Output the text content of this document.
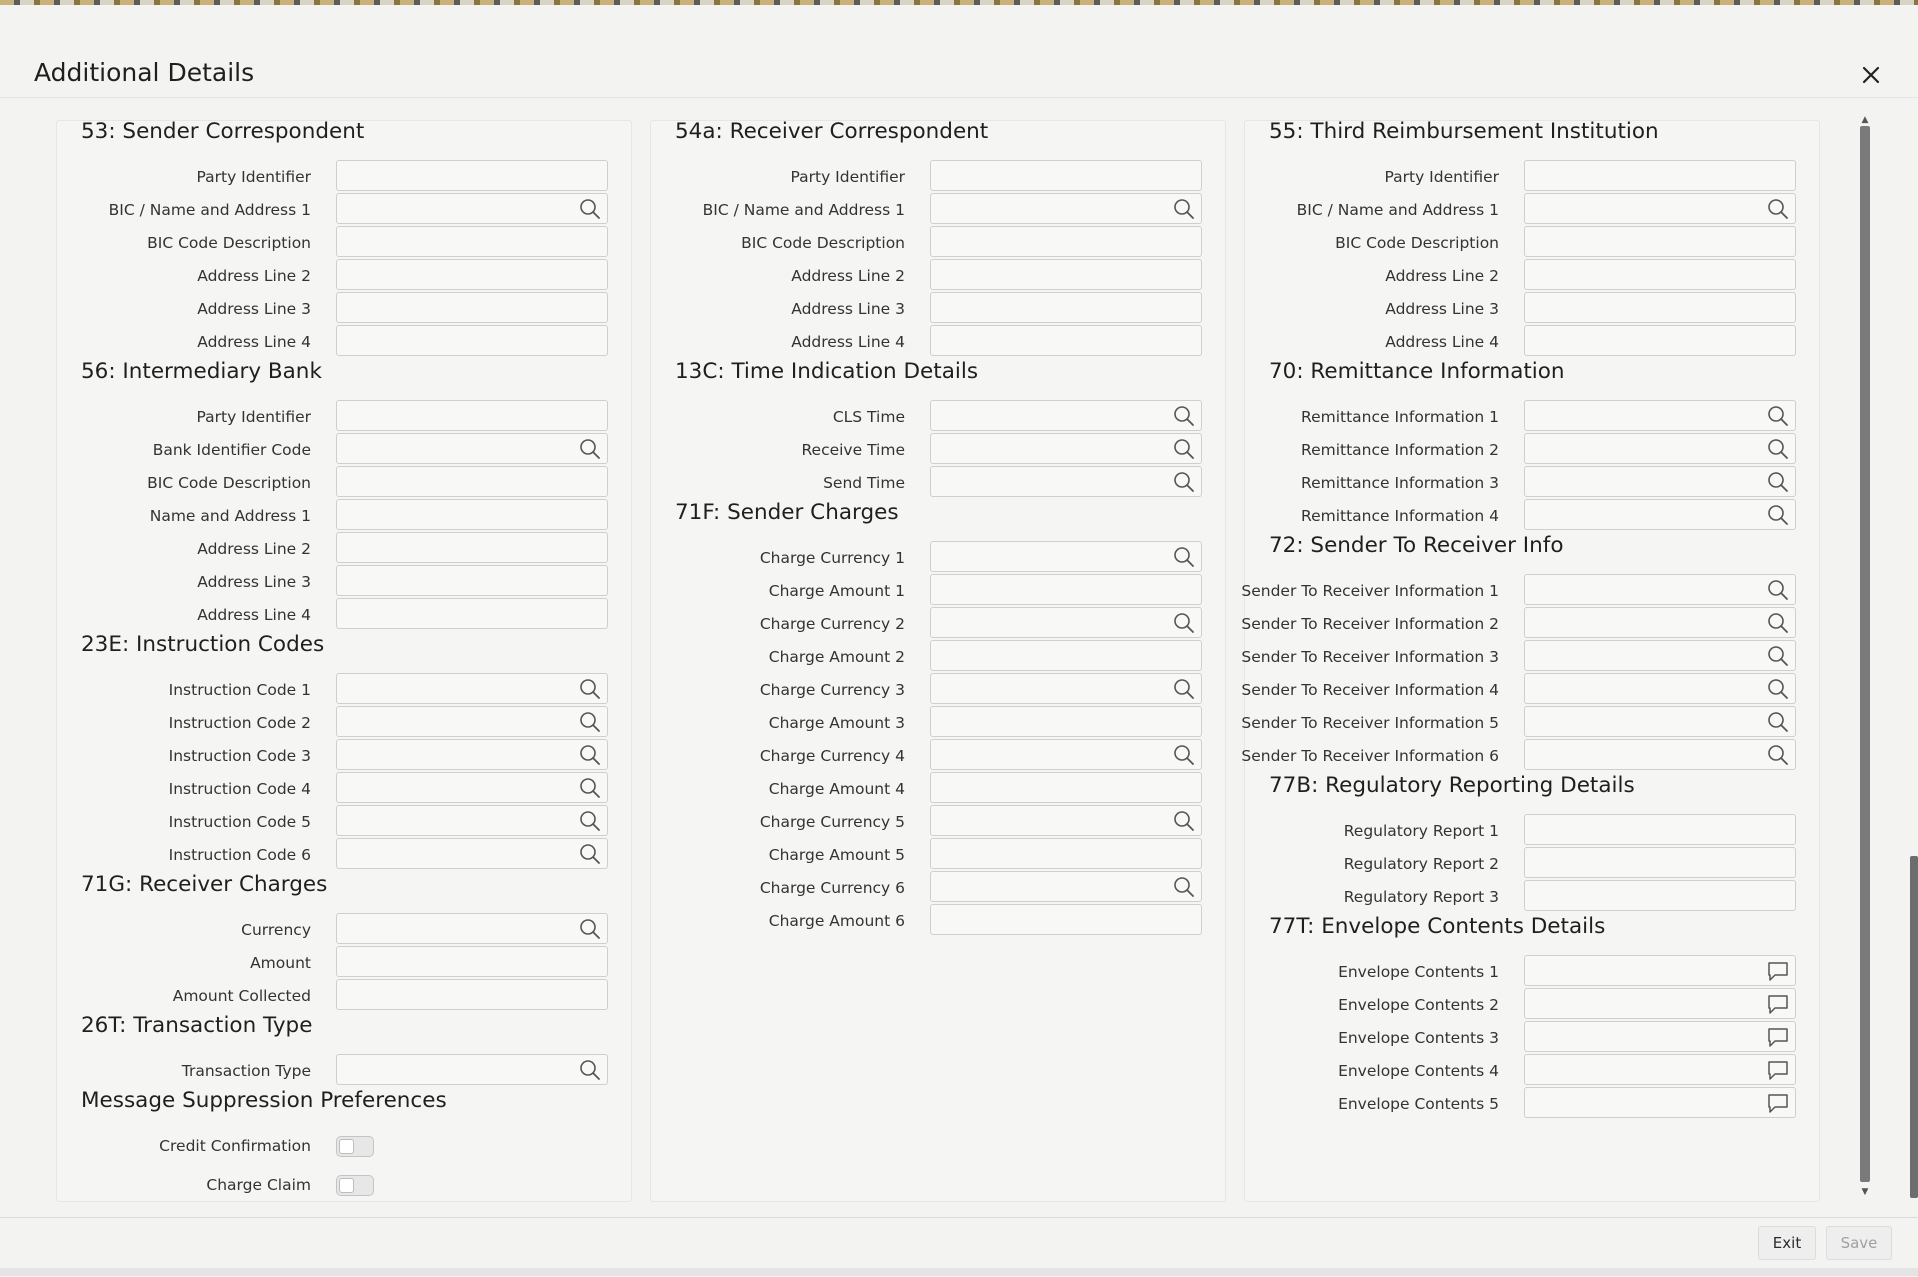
Additional Details
53: Sender Correspondent
Party Identifier
BIC / Name and Address 1
BIC Code Description
Address Line 2
Address Line 3
Address Line 4
56: Intermediary Bank
Party Identifier
Bank Identifier Code
BIC Code Description
Name and Address 1
Address Line 2
Address Line 3
Address Line 4
23E: Instruction Codes
Instruction Code 1
Instruction Code 2
Instruction Code 3
Instruction Code 4
Instruction Code 5
Instruction Code 6
71G: Receiver Charges
Currency
Amount
Amount Collected
26T: Transaction Type
Transaction Type
Message Suppression Preferences
Credit Confirmation
Charge Claim
54a: Receiver Correspondent
Party Identifier
BIC / Name and Address 1
BIC Code Description
Address Line 2
Address Line 3
Address Line 4
13C: Time Indication Details
CLS Time
Receive Time
Send Time
71F: Sender Charges
Charge Currency 1
Charge Amount 1
Charge Currency 2
Charge Amount 2
Charge Currency 3
Charge Amount 3
Charge Currency 4
Charge Amount 4
Charge Currency 5
Charge Amount 5
Charge Currency 6
Charge Amount 6
55: Third Reimbursement Institution
Party Identifier
BIC / Name and Address 1
BIC Code Description
Address Line 2
Address Line 3
Address Line 4
70: Remittance Information
Remittance Information 1
Remittance Information 2
Remittance Information 3
Remittance Information 4
72: Sender To Receiver Info
Sender To Receiver Information 1
Sender To Receiver Information 2
Sender To Receiver Information 3
Sender To Receiver Information 4
Sender To Receiver Information 5
Sender To Receiver Information 6
77B: Regulatory Reporting Details
Regulatory Report 1
Regulatory Report 2
Regulatory Report 3
77T: Envelope Contents Details
Envelope Contents 1
Envelope Contents 2
Envelope Contents 3
Envelope Contents 4
Envelope Contents 5
▲
▼
Exit	Save
